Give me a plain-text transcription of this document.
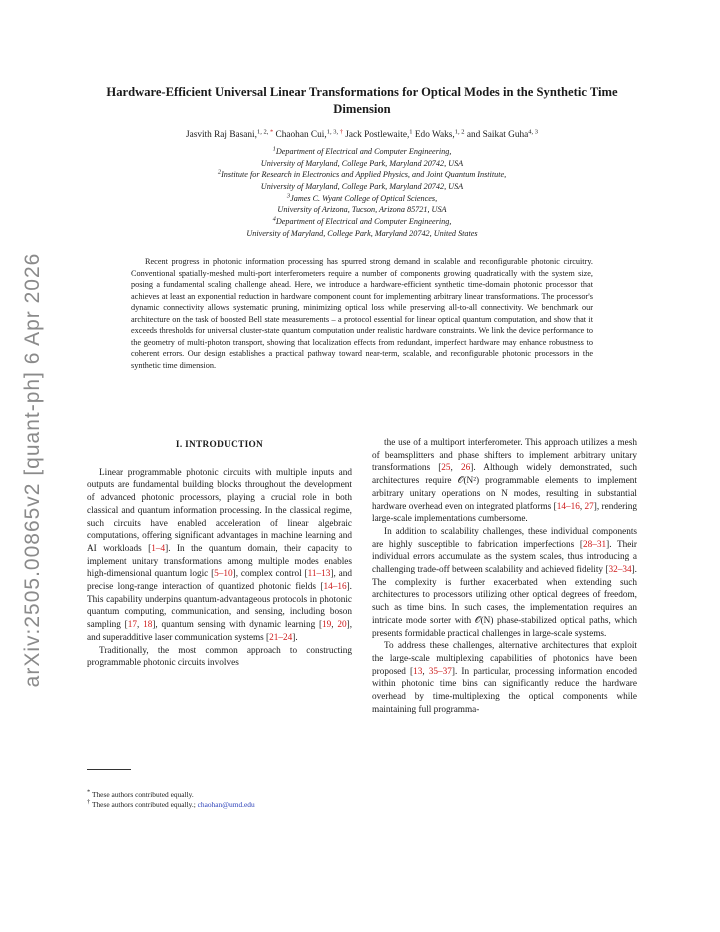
arXiv:2505.00865v2 [quant-ph] 6 Apr 2026
Hardware-Efficient Universal Linear Transformations for Optical Modes in the Synthetic Time Dimension
Jasvith Raj Basani,$^{1, 2, *}$ Chaohan Cui,$^{1, 3, \dagger}$ Jack Postlewaite,$^1$ Edo Waks,$^{1, 2}$ and Saikat Guha$^{4, 3}$
$^1$Department of Electrical and Computer Engineering,
University of Maryland, College Park, Maryland 20742, USA
$^2$Institute for Research in Electronics and Applied Physics, and Joint Quantum Institute,
University of Maryland, College Park, Maryland 20742, USA
$^3$James C. Wyant College of Optical Sciences,
University of Arizona, Tucson, Arizona 85721, USA
$^4$Department of Electrical and Computer Engineering,
University of Maryland, College Park, Maryland 20742, United States
Recent progress in photonic information processing has spurred strong demand in scalable and reconfigurable photonic circuitry. Conventional spatially-meshed multi-port interferometers require a number of components growing quadratically with the system size, posing a fundamental scaling challenge ahead. Here, we introduce a hardware-efficient synthetic time-domain photonic processor that achieves at least an exponential reduction in hardware component count for implementing arbitrary linear transformations. The processor's dynamic connectivity allows systematic pruning, minimizing optical loss while preserving all-to-all connectivity. We benchmark our architecture on the task of boosted Bell state measurements – a protocol essential for linear optical quantum computation, and show that it exceeds thresholds for universal cluster-state quantum computation under realistic hardware constraints. We link the device performance to the geometry of multi-photon transport, showing that localization effects from redundant, imperfect hardware may enhance robustness to coherent errors. Our design establishes a practical pathway toward near-term, scalable, and reconfigurable photonic processors in the synthetic time dimension.
I. INTRODUCTION

Linear programmable photonic circuits with multiple inputs and outputs are fundamental building blocks throughout the development of advanced photonic processors, playing a crucial role in both classical and quantum information processing. In the classical regime, such circuits have enabled acceleration of linear algebraic computations, offering significant advantages in machine learning and AI workloads [1–4]. In the quantum domain, their capacity to implement unitary transformations among multiple modes enables high-dimensional quantum logic [5–10], complex control [11–13], and precise long-range interaction of quantized photonic fields [14–16]. This capability underpins quantum-advantageous protocols in photonic quantum computing, communication, and sensing, including boson sampling [17, 18], quantum sensing with dynamic learning [19, 20], and superadditive laser communication systems [21–24].

Traditionally, the most common approach to constructing programmable photonic circuits involves

the use of a multiport interferometer. This approach utilizes a mesh of beamsplitters and phase shifters to implement arbitrary unitary transformations [25, 26]. Although widely demonstrated, such architectures require 𝒪(N²) programmable elements to implement arbitrary unitary operations on N modes, resulting in substantial hardware overhead even on integrated platforms [14–16, 27], rendering large-scale implementations cumbersome.

In addition to scalability challenges, these individual components are highly susceptible to fabrication imperfections [28–31]. Their individual errors accumulate as the system scales, thus introducing a challenging trade-off between scalability and achieved fidelity [32–34]. The complexity is further exacerbated when extending such architectures to processors utilizing other optical degrees of freedom, such as time bins. In such cases, the implementation requires an intricate mode sorter with 𝒪(N) phase-stabilized optical paths, which presents formidable practical challenges in large-scale systems.

To address these challenges, alternative architectures that exploit the large-scale multiplexing capabilities of photonics have been proposed [13, 35–37]. In particular, processing information encoded within photonic time bins can significantly reduce the hardware overhead by time-multiplexing the optical components while maintaining full programma-

* These authors contributed equally.
† These authors contributed equally.; chaohan@umd.edu
